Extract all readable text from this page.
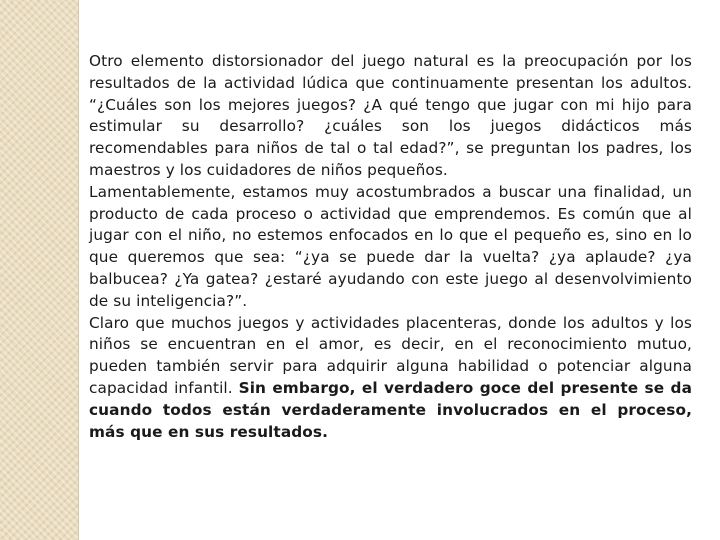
Otro elemento distorsionador del juego natural es la preocupación por los resultados de la actividad lúdica que continuamente presentan los adultos. “¿Cuáles son los mejores juegos? ¿A qué tengo que jugar con mi hijo para estimular su desarrollo? ¿cuáles son los juegos didácticos más recomendables para niños de tal o tal edad?”, se preguntan los padres, los maestros y los cuidadores de niños pequeños.

Lamentablemente, estamos muy acostumbrados a buscar una finalidad, un producto de cada proceso o actividad que emprendemos. Es común que al jugar con el niño, no estemos enfocados en lo que el pequeño es, sino en lo que queremos que sea: “¿ya se puede dar la vuelta? ¿ya aplaude? ¿ya balbucea? ¿Ya gatea? ¿estaré ayudando con este juego al desenvolvimiento de su inteligencia?”.

Claro que muchos juegos y actividades placenteras, donde los adultos y los niños se encuentran en el amor, es decir, en el reconocimiento mutuo, pueden también servir para adquirir alguna habilidad o potenciar alguna capacidad infantil. Sin embargo, el verdadero goce del presente se da cuando todos están verdaderamente involucrados en el proceso, más que en sus resultados.
